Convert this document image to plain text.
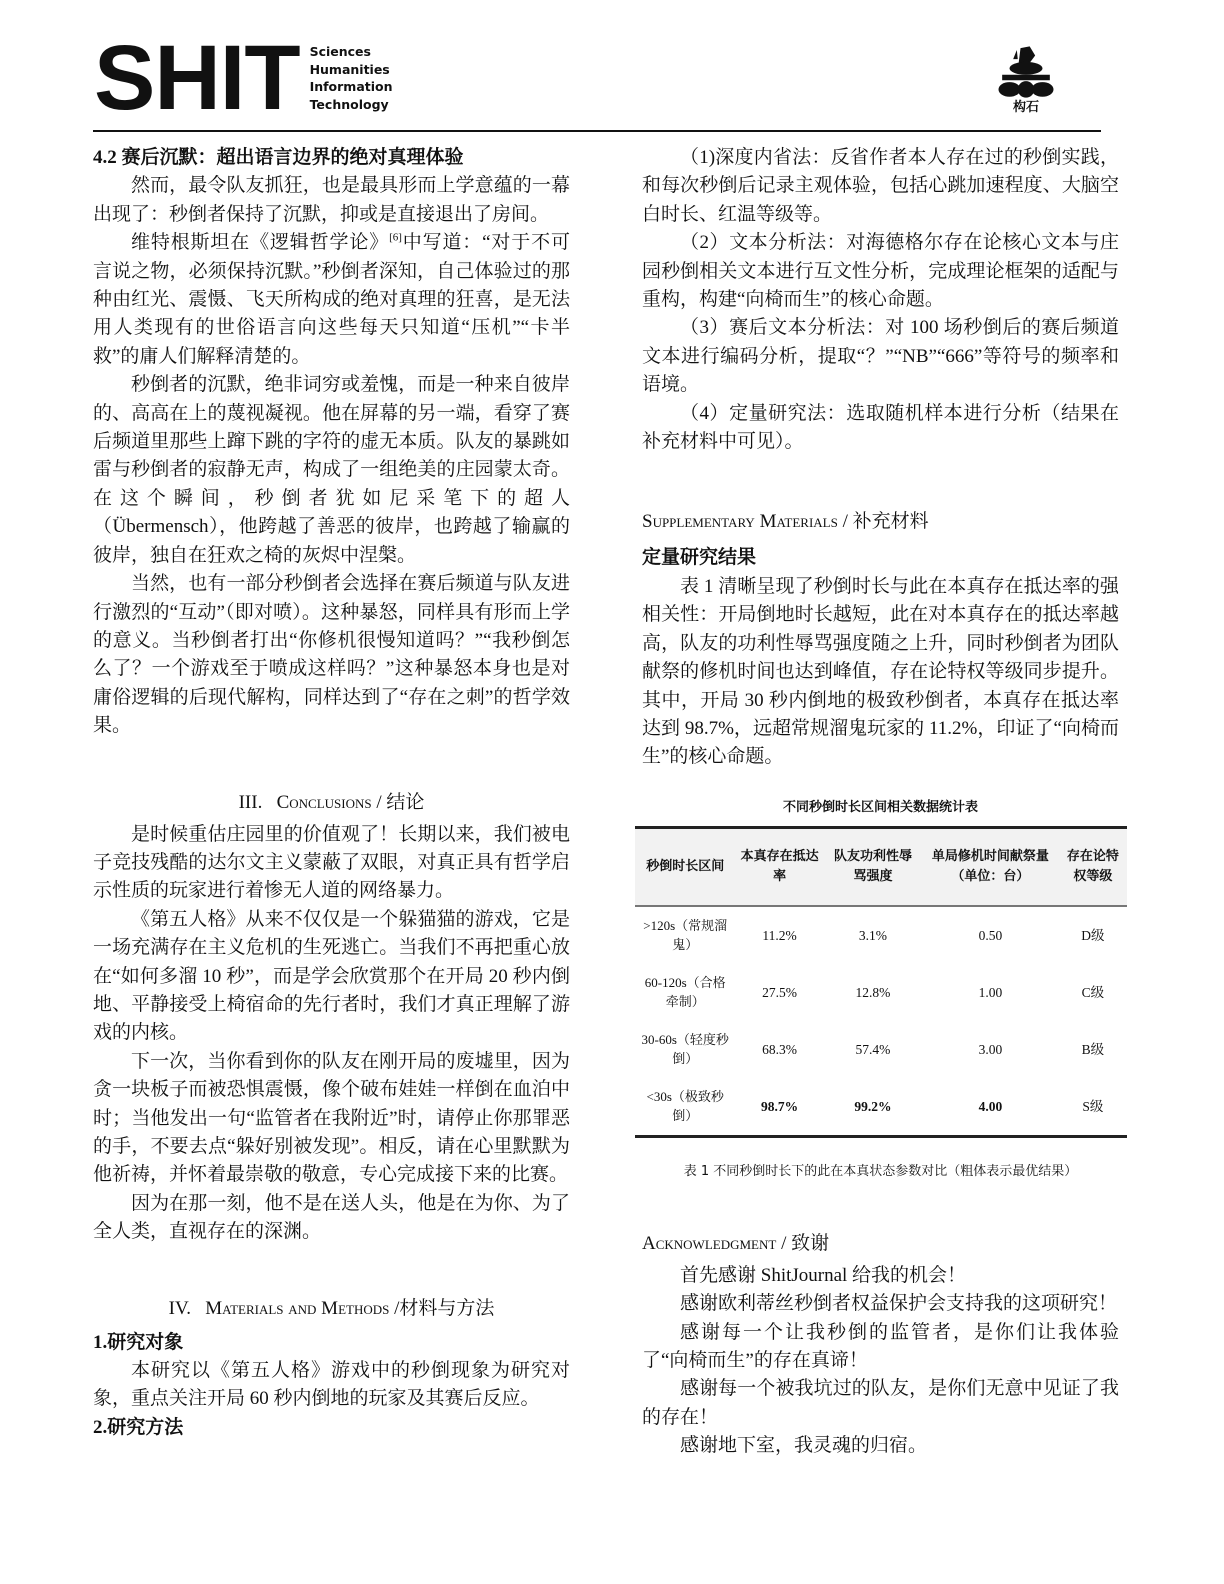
SHIT Sciences
Humanities
Information
Technology	构石
4.2 赛后沉默：超出语言边界的绝对真理体验

然而，最令队友抓狂，也是最具形而上学意蕴的一幕出现了：秒倒者保持了沉默，抑或是直接退出了房间。

维特根斯坦在《逻辑哲学论》[6]中写道：“对于不可言说之物，必须保持沉默。”秒倒者深知，自己体验过的那种由红光、震慑、飞天所构成的绝对真理的狂喜，是无法用人类现有的世俗语言向这些每天只知道“压机”“卡半救”的庸人们解释清楚的。

秒倒者的沉默，绝非词穷或羞愧，而是一种来自彼岸的、高高在上的蔑视凝视。他在屏幕的另一端，看穿了赛后频道里那些上蹿下跳的字符的虚无本质。队友的暴跳如雷与秒倒者的寂静无声，构成了一组绝美的庄园蒙太奇。在这个瞬间，秒倒者犹如尼采笔下的超人（Übermensch），他跨越了善恶的彼岸，也跨越了输赢的彼岸，独自在狂欢之椅的灰烬中涅槃。

当然，也有一部分秒倒者会选择在赛后频道与队友进行激烈的“互动”（即对喷）。这种暴怒，同样具有形而上学的意义。当秒倒者打出“你修机很慢知道吗？”“我秒倒怎么了？一个游戏至于喷成这样吗？”这种暴怒本身也是对庸俗逻辑的后现代解构，同样达到了“存在之刺”的哲学效果。

III.   Conclusions / 结论

是时候重估庄园里的价值观了！长期以来，我们被电子竞技残酷的达尔文主义蒙蔽了双眼，对真正具有哲学启示性质的玩家进行着惨无人道的网络暴力。

《第五人格》从来不仅仅是一个躲猫猫的游戏，它是一场充满存在主义危机的生死逃亡。当我们不再把重心放在“如何多溜 10 秒”，而是学会欣赏那个在开局 20 秒内倒地、平静接受上椅宿命的先行者时，我们才真正理解了游戏的内核。

下一次，当你看到你的队友在刚开局的废墟里，因为贪一块板子而被恐惧震慑，像个破布娃娃一样倒在血泊中时；当他发出一句“监管者在我附近”时，请停止你那罪恶的手，不要去点“躲好别被发现”。相反，请在心里默默为他祈祷，并怀着最崇敬的敬意，专心完成接下来的比赛。

因为在那一刻，他不是在送人头，他是在为你、为了全人类，直视存在的深渊。

IV.   Materials and Methods /材料与方法
1.研究对象

本研究以《第五人格》游戏中的秒倒现象为研究对象，重点关注开局 60 秒内倒地的玩家及其赛后反应。

2.研究方法

（1)深度内省法：反省作者本人存在过的秒倒实践，和每次秒倒后记录主观体验，包括心跳加速程度、大脑空白时长、红温等级等。

（2）文本分析法：对海德格尔存在论核心文本与庄园秒倒相关文本进行互文性分析，完成理论框架的适配与重构，构建“向椅而生”的核心命题。

（3）赛后文本分析法：对 100 场秒倒后的赛后频道文本进行编码分析，提取“？”“NB”“666”等符号的频率和语境。

（4）定量研究法：选取随机样本进行分析（结果在补充材料中可见）。

Supplementary Materials / 补充材料
定量研究结果

表 1 清晰呈现了秒倒时长与此在本真存在抵达率的强相关性：开局倒地时长越短，此在对本真存在的抵达率越高，队友的功利性辱骂强度随之上升，同时秒倒者为团队献祭的修机时间也达到峰值，存在论特权等级同步提升。其中，开局 30 秒内倒地的极致秒倒者，本真存在抵达率达到 98.7%，远超常规溜鬼玩家的 11.2%，印证了“向椅而生”的核心命题。

不同秒倒时长区间相关数据统计表
秒倒时长区间	本真存在抵达率	队友功利性辱骂强度	单局修机时间献祭量（单位：台）	存在论特权等级
>120s（常规溜鬼）	11.2%	3.1%	0.50	D级
60-120s（合格牵制）	27.5%	12.8%	1.00	C级
30-60s（轻度秒倒）	68.3%	57.4%	3.00	B级
<30s（极致秒倒）	98.7%	99.2%	4.00	S级
表 1 不同秒倒时长下的此在本真状态参数对比（粗体表示最优结果）
Acknowledgment / 致谢

首先感谢 ShitJournal 给我的机会！

感谢欧利蒂丝秒倒者权益保护会支持我的这项研究！

感谢每一个让我秒倒的监管者，是你们让我体验了“向椅而生”的存在真谛！

感谢每一个被我坑过的队友，是你们无意中见证了我的存在！

感谢地下室，我灵魂的归宿。
